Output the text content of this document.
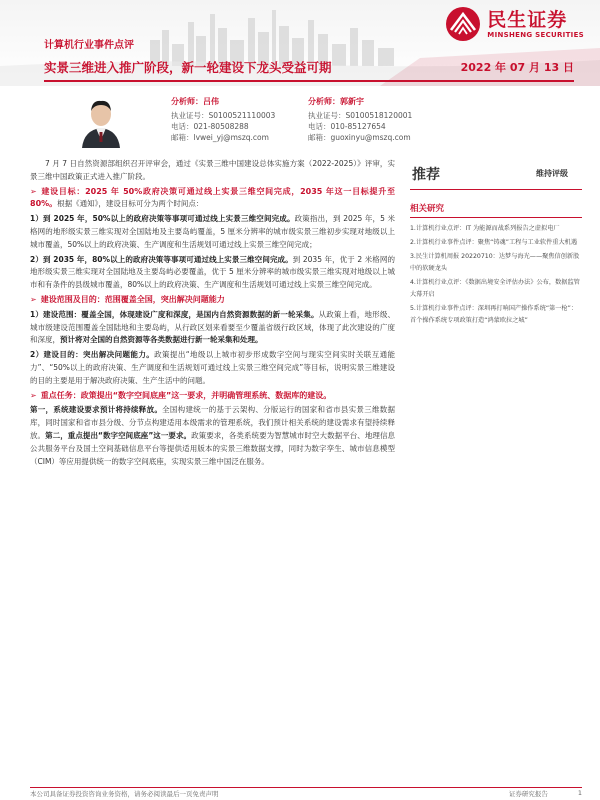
民生证券
MINSHENG SECURITIES
计算机行业事件点评
实景三维进入推广阶段，新一轮建设下龙头受益可期	2022 年 07 月 13 日
分析师：吕伟
执业证号：S0100521110003
电话：021-80508288
邮箱：lvwei_yj@mszq.com
分析师：郭新宇
执业证号：S0100518120001
电话：010-85127654
邮箱：guoxinyu@mszq.com

7 月 7 日自然资源部组织召开评审会，通过《实景三维中国建设总体实施方案（2022-2025）》评审，实景三维中国政策正式进入推广阶段。

➢ 建设目标：2025 年 50%政府决策可通过线上实景三维空间完成，2035 年这一目标提升至 80%。根据《通知》，建设目标可分为两个时间点：

1）到 2025 年，50%以上的政府决策等事项可通过线上实景三维空间完成。政策指出，到 2025 年，5 米格网的地形级实景三维实现对全国陆地及主要岛屿覆盖，5 厘米分辨率的城市级实景三维初步实现对地级以上城市覆盖，50%以上的政府决策、生产调度和生活规划可通过线上实景三维空间完成；

2）到 2035 年，80%以上的政府决策等事项可通过线上实景三维空间完成。到 2035 年，优于 2 米格网的地形级实景三维实现对全国陆地及主要岛屿必要覆盖，优于 5 厘米分辨率的城市级实景三维实现对地级以上城市和有条件的县级城市覆盖，80%以上的政府决策、生产调度和生活规划可通过线上实景三维空间完成。

➢ 建设范围及目的：范围覆盖全国，突出解决问题能力

1）建设范围：覆盖全国，体现建设广度和深度，是国内自然资源数据的新一轮采集。从政策上看，地形级、城市级建设范围覆盖全国陆地和主要岛屿，从行政区划来看要至少覆盖省级行政区域，体现了此次建设的广度和深度，预计将对全国的自然资源等各类数据进行新一轮采集和处理。

2）建设目的：突出解决问题能力。政策提出“地级以上城市初步形成数字空间与现实空间实时关联互通能力”、“50%以上的政府决策、生产调度和生活规划可通过线上实景三维空间完成”等目标，说明实景三维建设的目的主要是用于解决政府决策、生产生活中的问题。

➢ 重点任务：政策提出“数字空间底座”这一要求，并明确管理系统、数据库的建设。

第一，系统建设要求预计将持续释放。全国构建统一的基于云架构、分版运行的国家和省市县实景三维数据库，同时国家和省市县分级、分节点构建适用本级需求的管理系统，我们预计相关系统的建设需求有望持续释放。第二，重点提出“数字空间底座”这一要求。政策要求，各类系统要为智慧城市时空大数据平台、地理信息公共服务平台及国土空间基础信息平台等提供适用版本的实景三维数据支撑，同时为数字孪生、城市信息模型（CIM）等应用提供统一的数字空间底座，实现实景三维中国泛在服务。

推荐	维持评级
相关研究
1.计算机行业点评：IT 为能源而战系列报告之虚拟电厂
2.计算机行业事件点评：聚焦“铸魂”工程与工业软件重大机遇
3.民生计算机周报 20220710：达梦与海光——聚焦信创新股中的软硬龙头
4.计算机行业点评：《数据出境安全评估办法》公布，数据监管大幕开启
5.计算机行业事件点评：深圳再打响国产操作系统“第一枪”：首个操作系统专项政策打造“鸿蒙欧拉之城”
本公司具备证券投资咨询业务资格，请务必阅读最后一页免责声明	证券研究报告	1
